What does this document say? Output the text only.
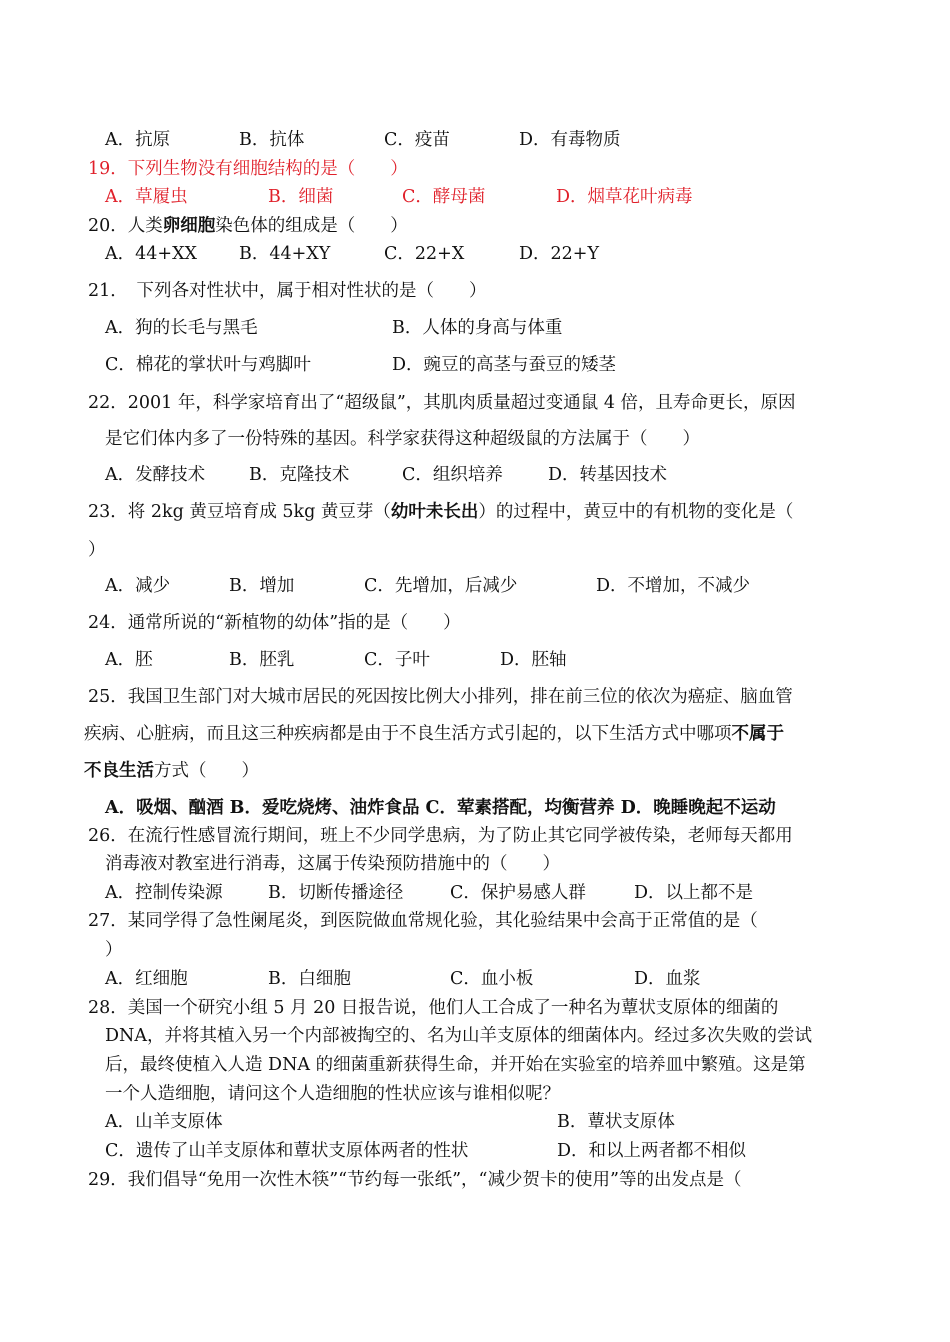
A．抗原	B．抗体	C．疫苗	D．有毒物质
19．下列生物没有细胞结构的是（　　）
A．草履虫	B．细菌	C．酵母菌	D．烟草花叶病毒
20．人类卵细胞染色体的组成是（　　）
A．44+XX B．44+XY	C．22+X	D．22+Y
21．　下列各对性状中，属于相对性状的是（　　）
A．狗的长毛与黑毛	B．人体的身高与体重
C．棉花的掌状叶与鸡脚叶	D．豌豆的高茎与蚕豆的矮茎
22．2001 年，科学家培育出了“超级鼠”，其肌肉质量超过变通鼠 4 倍，且寿命更长，原因
是它们体内多了一份特殊的基因。科学家获得这种超级鼠的方法属于（　　）
A．发酵技术	B．克隆技术	C．组织培养	D．转基因技术
23．将 2kg 黄豆培育成 5kg 黄豆芽（幼叶未长出）的过程中，黄豆中的有机物的变化是（
）
A．减少	B．增加	C．先增加，后减少	D．不增加，不减少
24．通常所说的“新植物的幼体”指的是（　　）
A．胚	B．胚乳	C．子叶	D．胚轴
25．我国卫生部门对大城市居民的死因按比例大小排列，排在前三位的依次为癌症、脑血管
疾病、心脏病，而且这三种疾病都是由于不良生活方式引起的，以下生活方式中哪项不属于
不良生活方式（　　）
A．吸烟、酗酒 B．爱吃烧烤、油炸食品 C．荤素搭配，均衡营养 D．晚睡晚起不运动
26．在流行性感冒流行期间，班上不少同学患病，为了防止其它同学被传染，老师每天都用
消毒液对教室进行消毒，这属于传染预防措施中的（　　）
A．控制传染源	B．切断传播途径	C．保护易感人群	D．以上都不是
27．某同学得了急性阑尾炎，到医院做血常规化验，其化验结果中会高于正常值的是（
）
A．红细胞	B．白细胞	C．血小板	D．血浆
28．美国一个研究小组 5 月 20 日报告说，他们人工合成了一种名为蕈状支原体的细菌的
DNA，并将其植入另一个内部被掏空的、名为山羊支原体的细菌体内。经过多次失败的尝试
后，最终使植入人造 DNA 的细菌重新获得生命，并开始在实验室的培养皿中繁殖。这是第
一个人造细胞，请问这个人造细胞的性状应该与谁相似呢？
A．山羊支原体	B．蕈状支原体
C．遗传了山羊支原体和蕈状支原体两者的性状	D．和以上两者都不相似
29．我们倡导“免用一次性木筷”“节约每一张纸”，“减少贺卡的使用”等的出发点是（
